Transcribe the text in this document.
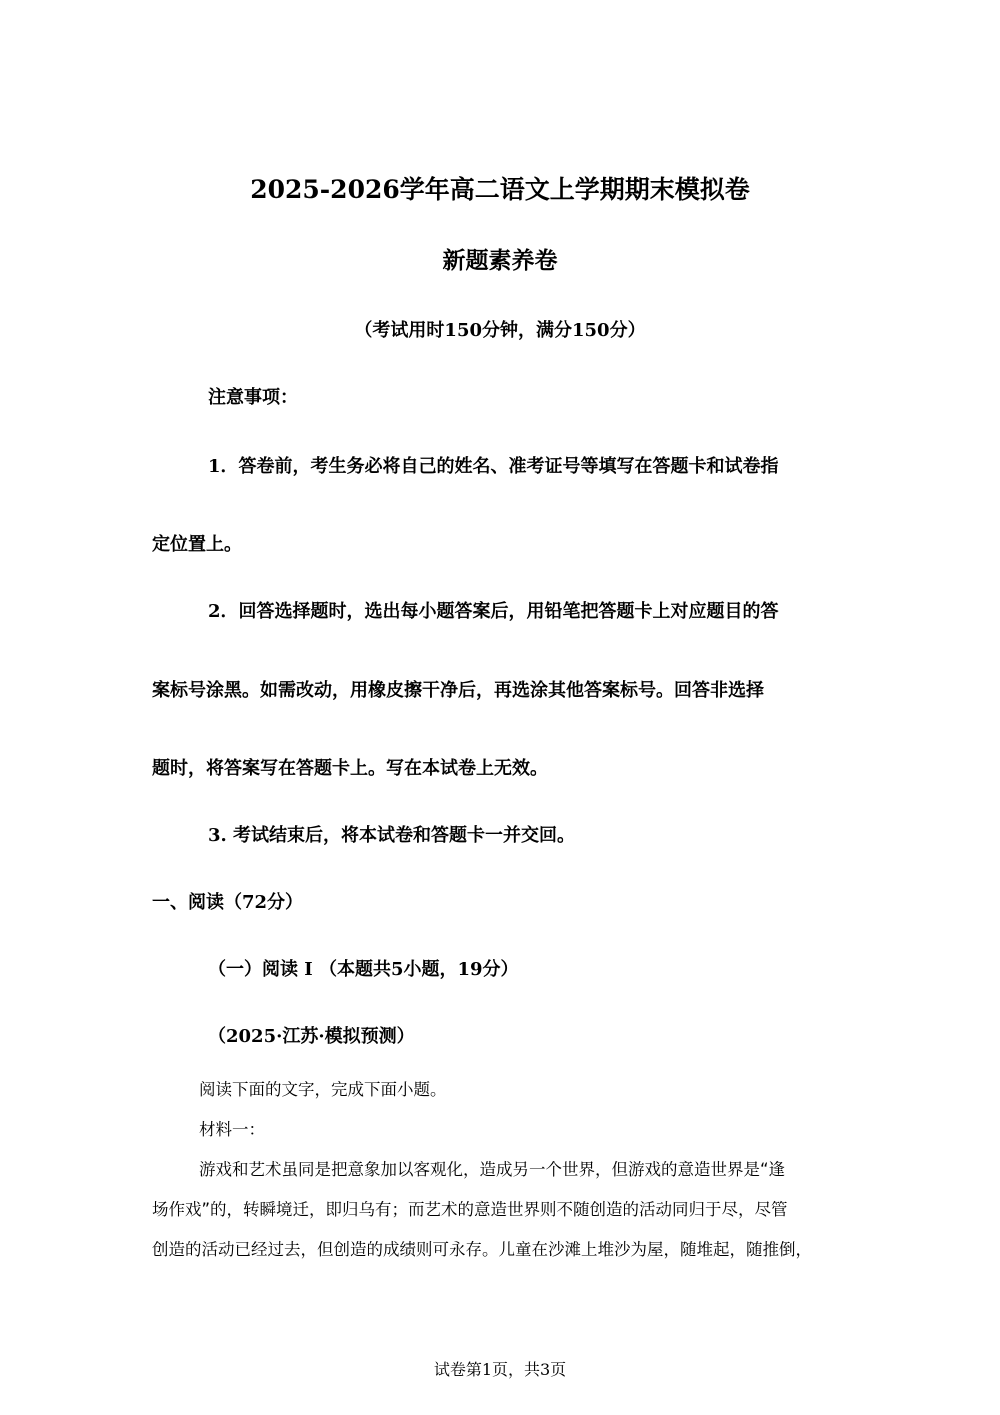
2025-2026学年高二语文上学期期末模拟卷
新题素养卷
（考试用时150分钟，满分150分）
注意事项：
1．答卷前，考生务必将自己的姓名、准考证号等填写在答题卡和试卷指
定位置上。
2．回答选择题时，选出每小题答案后，用铅笔把答题卡上对应题目的答
案标号涂黑。如需改动，用橡皮擦干净后，再选涂其他答案标号。回答非选择
题时，将答案写在答题卡上。写在本试卷上无效。
3. 考试结束后，将本试卷和答题卡一并交回。
一、阅读（72分）
（一）阅读 I （本题共5小题，19分）
（2025·江苏·模拟预测）
阅读下面的文字，完成下面小题。
材料一：
游戏和艺术虽同是把意象加以客观化，造成另一个世界，但游戏的意造世界是“逢
场作戏”的，转瞬境迁，即归乌有；而艺术的意造世界则不随创造的活动同归于尽，尽管
创造的活动已经过去，但创造的成绩则可永存。儿童在沙滩上堆沙为屋，随堆起，随推倒，
试卷第1页，共3页
